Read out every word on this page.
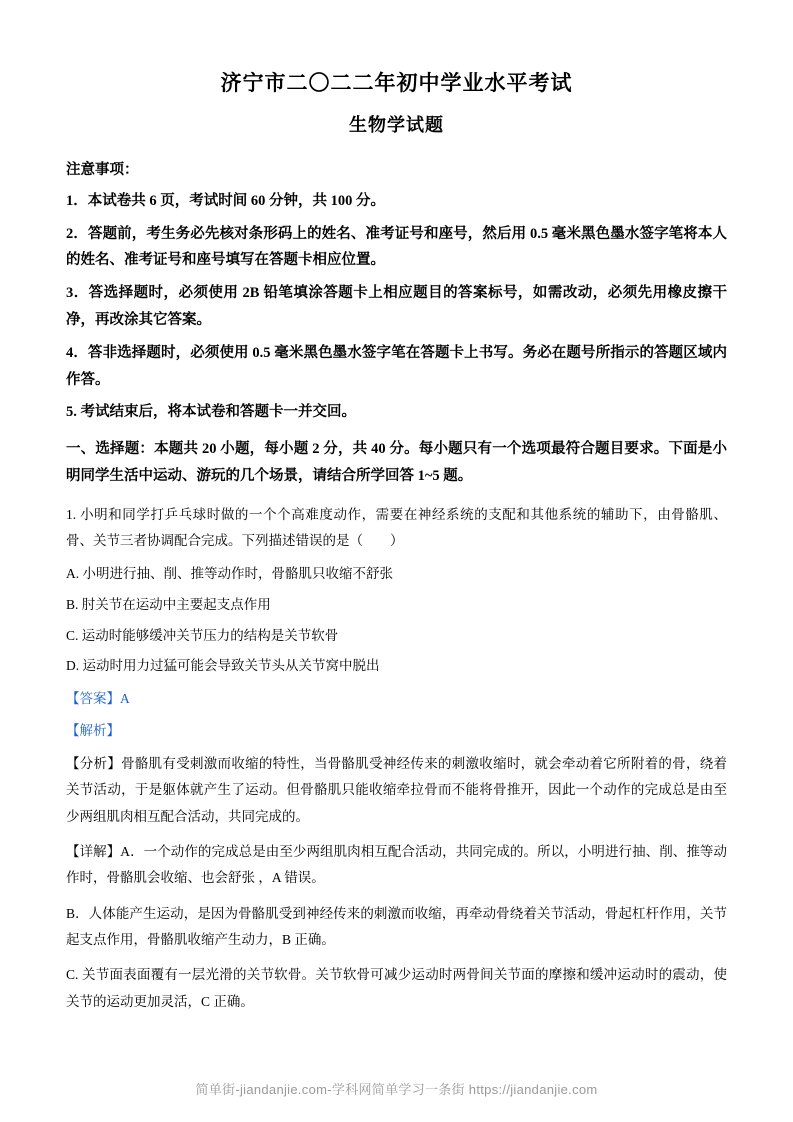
济宁市二〇二二年初中学业水平考试
生物学试题

注意事项：

1．本试卷共 6 页，考试时间 60 分钟，共 100 分。

2．答题前，考生务必先核对条形码上的姓名、准考证号和座号，然后用 0.5 毫米黑色墨水签字笔将本人的姓名、准考证号和座号填写在答题卡相应位置。

3．答选择题时，必须使用 2B 铅笔填涂答题卡上相应题目的答案标号，如需改动，必须先用橡皮擦干净，再改涂其它答案。

4．答非选择题时，必须使用 0.5 毫米黑色墨水签字笔在答题卡上书写。务必在题号所指示的答题区域内作答。

5. 考试结束后，将本试卷和答题卡一并交回。

一、选择题：本题共 20 小题，每小题 2 分，共 40 分。每小题只有一个选项最符合题目要求。下面是小明同学生活中运动、游玩的几个场景，请结合所学回答 1~5 题。

1. 小明和同学打乒乓球时做的一个个高难度动作，需要在神经系统的支配和其他系统的辅助下，由骨骼肌、骨、关节三者协调配合完成。下列描述错误的是（　　）

A. 小明进行抽、削、推等动作时，骨骼肌只收缩不舒张

B. 肘关节在运动中主要起支点作用

C. 运动时能够缓冲关节压力的结构是关节软骨

D. 运动时用力过猛可能会导致关节头从关节窝中脱出

【答案】A

【解析】

【分析】骨骼肌有受刺激而收缩的特性，当骨骼肌受神经传来的刺激收缩时，就会牵动着它所附着的骨，绕着关节活动，于是躯体就产生了运动。但骨骼肌只能收缩牵拉骨而不能将骨推开，因此一个动作的完成总是由至少两组肌肉相互配合活动，共同完成的。

【详解】A．一个动作的完成总是由至少两组肌肉相互配合活动，共同完成的。所以，小明进行抽、削、推等动作时，骨骼肌会收缩、也会舒张 ，A 错误。

B．人体能产生运动，是因为骨骼肌受到神经传来的刺激而收缩，再牵动骨绕着关节活动，骨起杠杆作用，关节起支点作用，骨骼肌收缩产生动力，B 正确。

C. 关节面表面覆有一层光滑的关节软骨。关节软骨可减少运动时两骨间关节面的摩擦和缓冲运动时的震动，使关节的运动更加灵活，C 正确。

简单街-jiandanjie.com-学科网简单学习一条街 https://jiandanjie.com
